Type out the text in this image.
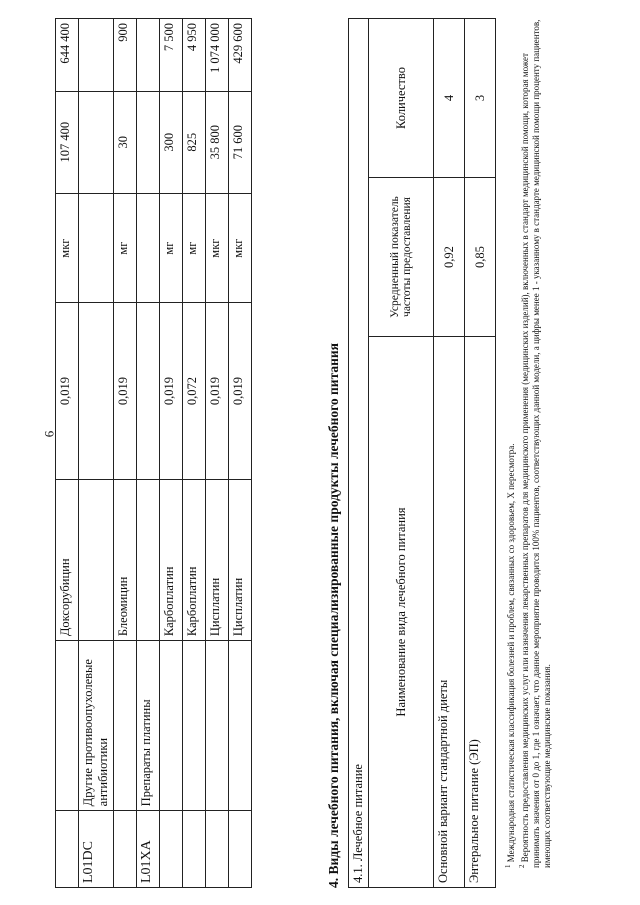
6
		Доксорубицин	0,019	мкг	107 400	644 400
L01DC	Другие противоопухолевые антибиотики					
		Блеомицин	0,019	мг	30	900
L01XA	Препараты платины					
		Карбоплатин	0,019	мг	300	7 500
		Карбоплатин	0,072	мг	825	4 950
		Цисплатин	0,019	мкг	35 800	1 074 000
		Цисплатин	0,019	мкг	71 600	429 600
4. Виды лечебного питания, включая специализированные продукты лечебного питания 4.1. Лечебное питание		
Наименование вида лечебного питания	Усредненный показатель частоты предоставления	Количество
Основной вариант стандартной диеты	0,92	4
Энтеральное питание (ЭП)	0,85	3

$^1$ Международная статистическая классификация болезней и проблем, связанных со здоровьем, X пересмотра.

$^2$ Вероятность предоставления медицинских услуг или назначения лекарственных препаратов для медицинского применения (медицинских изделий), включенных в стандарт медицинской помощи, которая может принимать значения от 0 до 1, где 1 означает, что данное мероприятие проводится 100% пациентов, соответствующих данной модели, а цифры менее 1 - указанному в стандарте медицинской помощи проценту пациентов, имеющих соответствующие медицинские показания.
